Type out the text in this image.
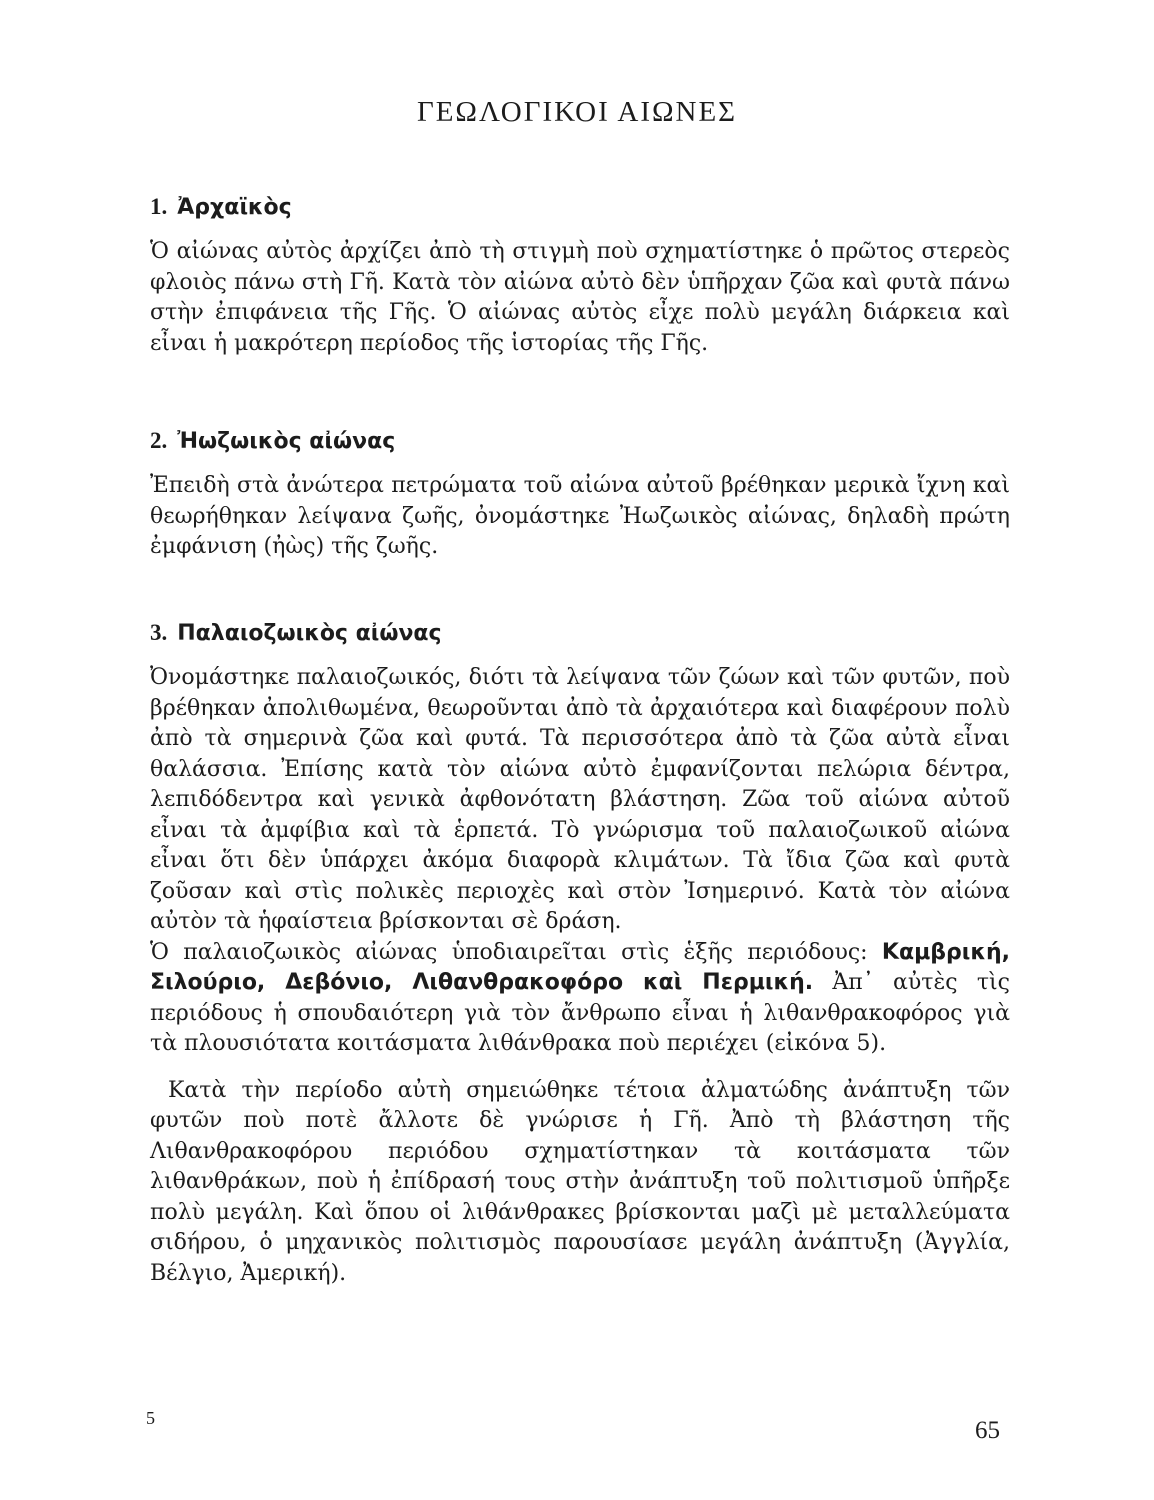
ΓΕΩΛΟΓΙΚΟΙ ΑΙΩΝΕΣ

1. Ἀρχαϊκὸς

Ὁ αἰώνας αὐτὸς ἀρχίζει ἀπὸ τὴ στιγμὴ ποὺ σχηματίστηκε ὁ πρῶτος στερεὸς φλοιὸς πάνω στὴ Γῆ. Κατὰ τὸν αἰώνα αὐτὸ δὲν ὑπῆρχαν ζῶα καὶ φυτὰ πάνω στὴν ἐπιφάνεια τῆς Γῆς. Ὁ αἰώνας αὐτὸς εἶχε πολὺ μεγάλη διάρκεια καὶ εἶναι ἡ μακρότερη περίοδος τῆς ἱστορίας τῆς Γῆς.

2. Ἠωζωικὸς αἰώνας

Ἐπειδὴ στὰ ἀνώτερα πετρώματα τοῦ αἰώνα αὐτοῦ βρέθηκαν μερικὰ ἴχνη καὶ θεωρήθηκαν λείψανα ζωῆς, ὀνομάστηκε Ἠωζωικὸς αἰώνας, δηλαδὴ πρώτη ἐμφάνιση (ἠὼς) τῆς ζωῆς.

3. Παλαιοζωικὸς αἰώνας

Ὀνομάστηκε παλαιοζωικός, διότι τὰ λείψανα τῶν ζώων καὶ τῶν φυτῶν, ποὺ βρέθηκαν ἀπολιθωμένα, θεωροῦνται ἀπὸ τὰ ἀρχαιότερα καὶ διαφέρουν πολὺ ἀπὸ τὰ σημερινὰ ζῶα καὶ φυτά. Τὰ περισσότερα ἀπὸ τὰ ζῶα αὐτὰ εἶναι θαλάσσια. Ἐπίσης κατὰ τὸν αἰώνα αὐτὸ ἐμφανίζονται πελώρια δέντρα, λεπιδόδεντρα καὶ γενικὰ ἀφθονότατη βλάστηση. Ζῶα τοῦ αἰώνα αὐτοῦ εἶναι τὰ ἀμφίβια καὶ τὰ ἑρπετά. Τὸ γνώρισμα τοῦ παλαιοζωικοῦ αἰώνα εἶναι ὅτι δὲν ὑπάρχει ἀκόμα διαφορὰ κλιμάτων. Τὰ ἴδια ζῶα καὶ φυτὰ ζοῦσαν καὶ στὶς πολικὲς περιοχὲς καὶ στὸν Ἰσημερινό. Κατὰ τὸν αἰώνα αὐτὸν τὰ ἡφαίστεια βρίσκονται σὲ δράση.

Ὁ παλαιοζωικὸς αἰώνας ὑποδιαιρεῖται στὶς ἑξῆς περιόδους: Καμβρική, Σιλούριο, Δεβόνιο, Λιθανθρακοφόρο καὶ Περμική. Ἀπ᾿ αὐτὲς τὶς περιόδους ἡ σπουδαιότερη γιὰ τὸν ἄνθρωπο εἶναι ἡ λιθανθρακοφόρος γιὰ τὰ πλουσιότατα κοιτάσματα λιθάνθρακα ποὺ περιέχει (εἰκόνα 5).

Κατὰ τὴν περίοδο αὐτὴ σημειώθηκε τέτοια ἀλματώδης ἀνάπτυξη τῶν φυτῶν ποὺ ποτὲ ἄλλοτε δὲ γνώρισε ἡ Γῆ. Ἀπὸ τὴ βλάστηση τῆς Λιθανθρακοφόρου περιόδου σχηματίστηκαν τὰ κοιτάσματα τῶν λιθανθράκων, ποὺ ἡ ἐπίδρασή τους στὴν ἀνάπτυξη τοῦ πολιτισμοῦ ὑπῆρξε πολὺ μεγάλη. Καὶ ὅπου οἱ λιθάνθρακες βρίσκονται μαζὶ μὲ μεταλλεύματα σιδήρου, ὁ μηχανικὸς πολιτισμὸς παρουσίασε μεγάλη ἀνάπτυξη (Ἀγγλία, Βέλγιο, Ἀμερική).

5	65
